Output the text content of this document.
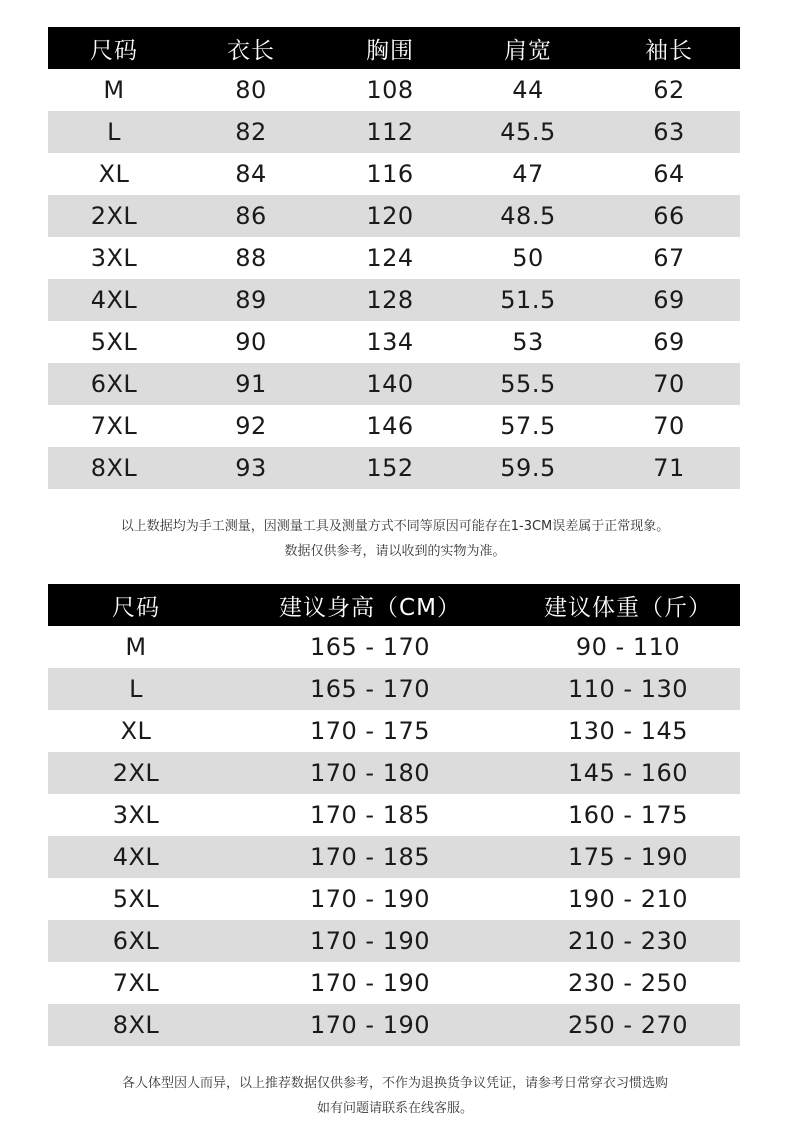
尺码	衣长	胸围	肩宽	袖长
M	80	108	44	62
L	82	112	45.5	63
XL	84	116	47	64
2XL	86	120	48.5	66
3XL	88	124	50	67
4XL	89	128	51.5	69
5XL	90	134	53	69
6XL	91	140	55.5	70
7XL	92	146	57.5	70
8XL	93	152	59.5	71
以上数据均为手工测量，因测量工具及测量方式不同等原因可能存在1-3CM误差属于正常现象。
数据仅供参考，请以收到的实物为准。
尺码	建议身高（CM）	建议体重（斤）
M	165 - 170	90 - 110
L	165 - 170	110 - 130
XL	170 - 175	130 - 145
2XL	170 - 180	145 - 160
3XL	170 - 185	160 - 175
4XL	170 - 185	175 - 190
5XL	170 - 190	190 - 210
6XL	170 - 190	210 - 230
7XL	170 - 190	230 - 250
8XL	170 - 190	250 - 270
各人体型因人而异，以上推荐数据仅供参考，不作为退换货争议凭证，请参考日常穿衣习惯选购
如有问题请联系在线客服。
